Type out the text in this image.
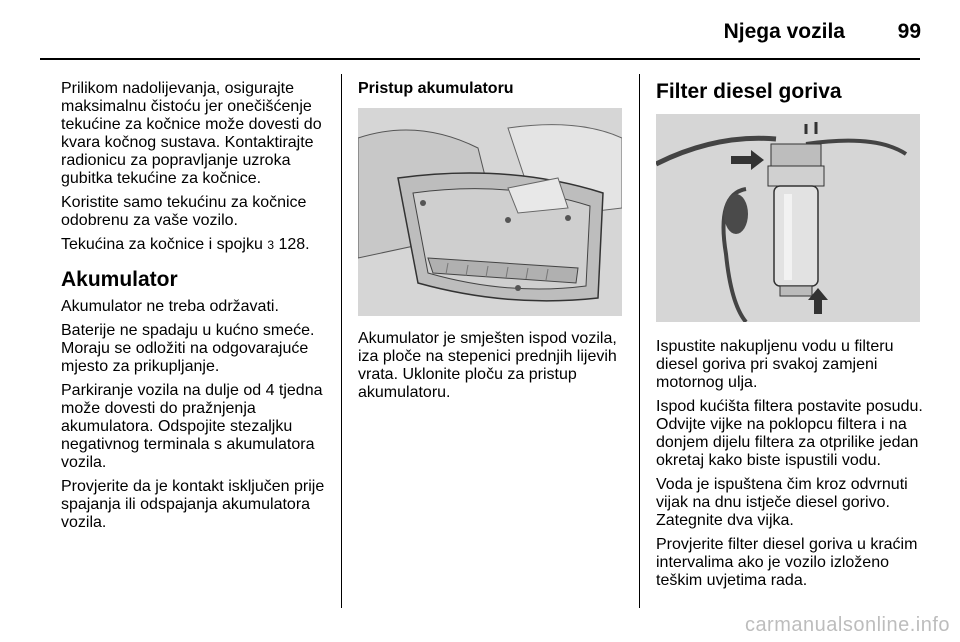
Njega vozila	99

Prilikom nadolijevanja, osigurajte maksimalnu čistoću jer onečišćenje tekućine za kočnice može dovesti do kvara kočnog sustava. Kontaktirajte radionicu za popravljanje uzroka gubitka tekućine za kočnice.

Koristite samo tekućinu za kočnice odobrenu za vaše vozilo.

Tekućina za kočnice i spojku 3 128.

Akumulator

Akumulator ne treba održavati.

Baterije ne spadaju u kućno smeće. Moraju se odložiti na odgovarajuće mjesto za prikupljanje.

Parkiranje vozila na dulje od 4 tjedna može dovesti do pražnjenja akumulatora. Odspojite stezaljku negativnog terminala s akumulatora vozila.

Provjerite da je kontakt isključen prije spajanja ili odspajanja akumulatora vozila.

Pristup akumulatoru

Akumulator je smješten ispod vozila, iza ploče na stepenici prednjih lijevih vrata. Uklonite ploču za pristup akumulatoru.

Filter diesel goriva

Ispustite nakupljenu vodu u filteru diesel goriva pri svakoj zamjeni motornog ulja.

Ispod kućišta filtera postavite posudu. Odvijte vijke na poklopcu filtera i na donjem dijelu filtera za otprilike jedan okretaj kako biste ispustili vodu.

Voda je ispuštena čim kroz odvrnuti vijak na dnu istječe diesel gorivo. Zategnite dva vijka.

Provjerite filter diesel goriva u kraćim intervalima ako je vozilo izloženo teškim uvjetima rada.

carmanualsonline.info
